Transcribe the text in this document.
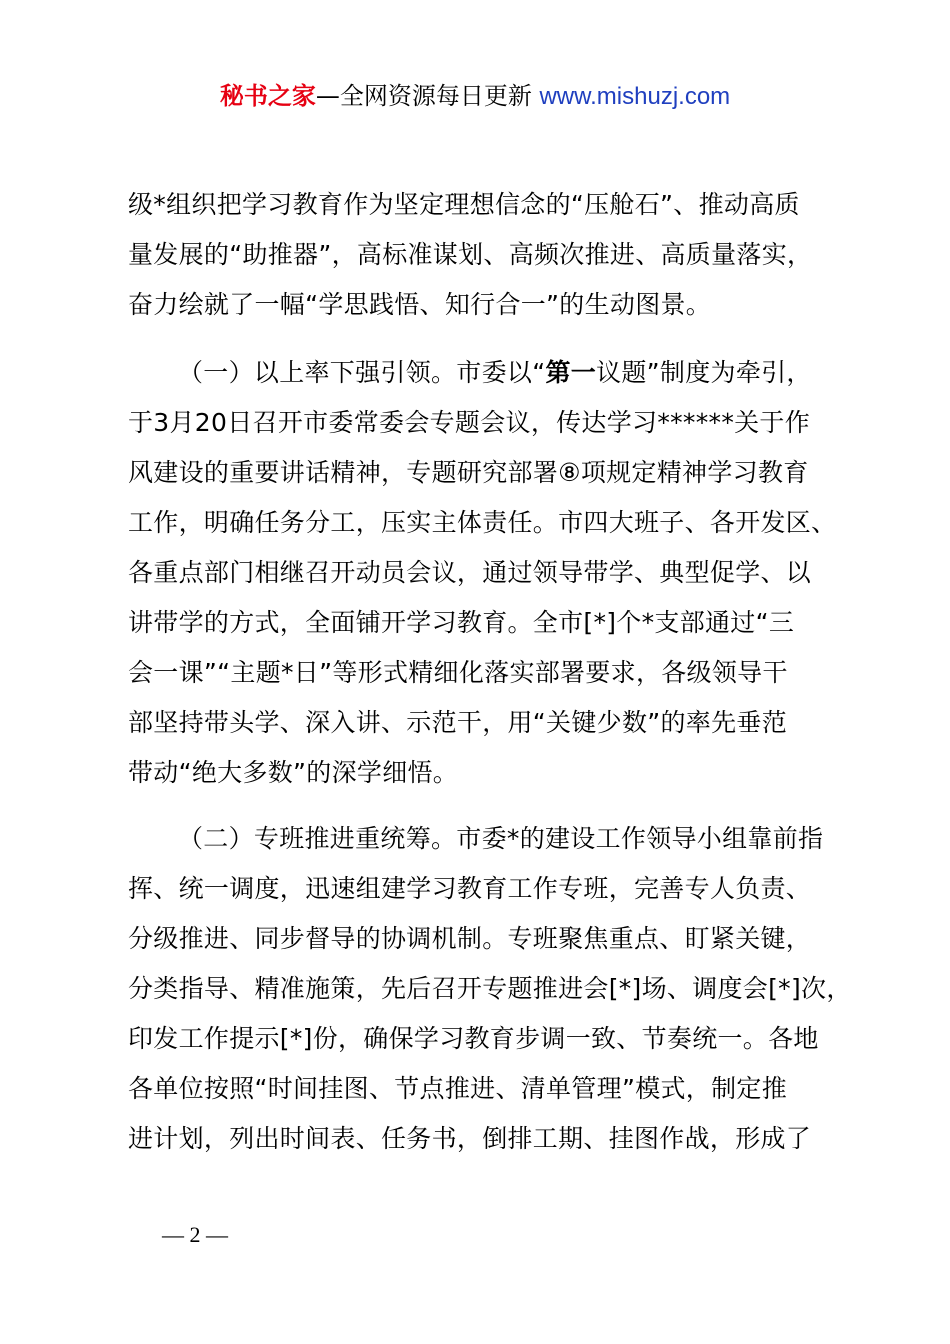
秘书之家—全网资源每日更新 www.mishuzj.com
级*组织把学习教育作为坚定理想信念的“压舱石”、推动高质
量发展的“助推器”，高标准谋划、高频次推进、高质量落实，
奋力绘就了一幅“学思践悟、知行合一”的生动图景。
（一）以上率下强引领。市委以“第一议题”制度为牵引，
于3月20日召开市委常委会专题会议，传达学习******关于作
风建设的重要讲话精神，专题研究部署⑧项规定精神学习教育
工作，明确任务分工，压实主体责任。市四大班子、各开发区、
各重点部门相继召开动员会议，通过领导带学、典型促学、以
讲带学的方式，全面铺开学习教育。全市[*]个*支部通过“三
会一课”“主题*日”等形式精细化落实部署要求，各级领导干
部坚持带头学、深入讲、示范干，用“关键少数”的率先垂范
带动“绝大多数”的深学细悟。
（二）专班推进重统筹。市委*的建设工作领导小组靠前指
挥、统一调度，迅速组建学习教育工作专班，完善专人负责、
分级推进、同步督导的协调机制。专班聚焦重点、盯紧关键，
分类指导、精准施策，先后召开专题推进会[*]场、调度会[*]次，
印发工作提示[*]份，确保学习教育步调一致、节奏统一。各地
各单位按照“时间挂图、节点推进、清单管理”模式，制定推
进计划，列出时间表、任务书，倒排工期、挂图作战，形成了
— 2 —
